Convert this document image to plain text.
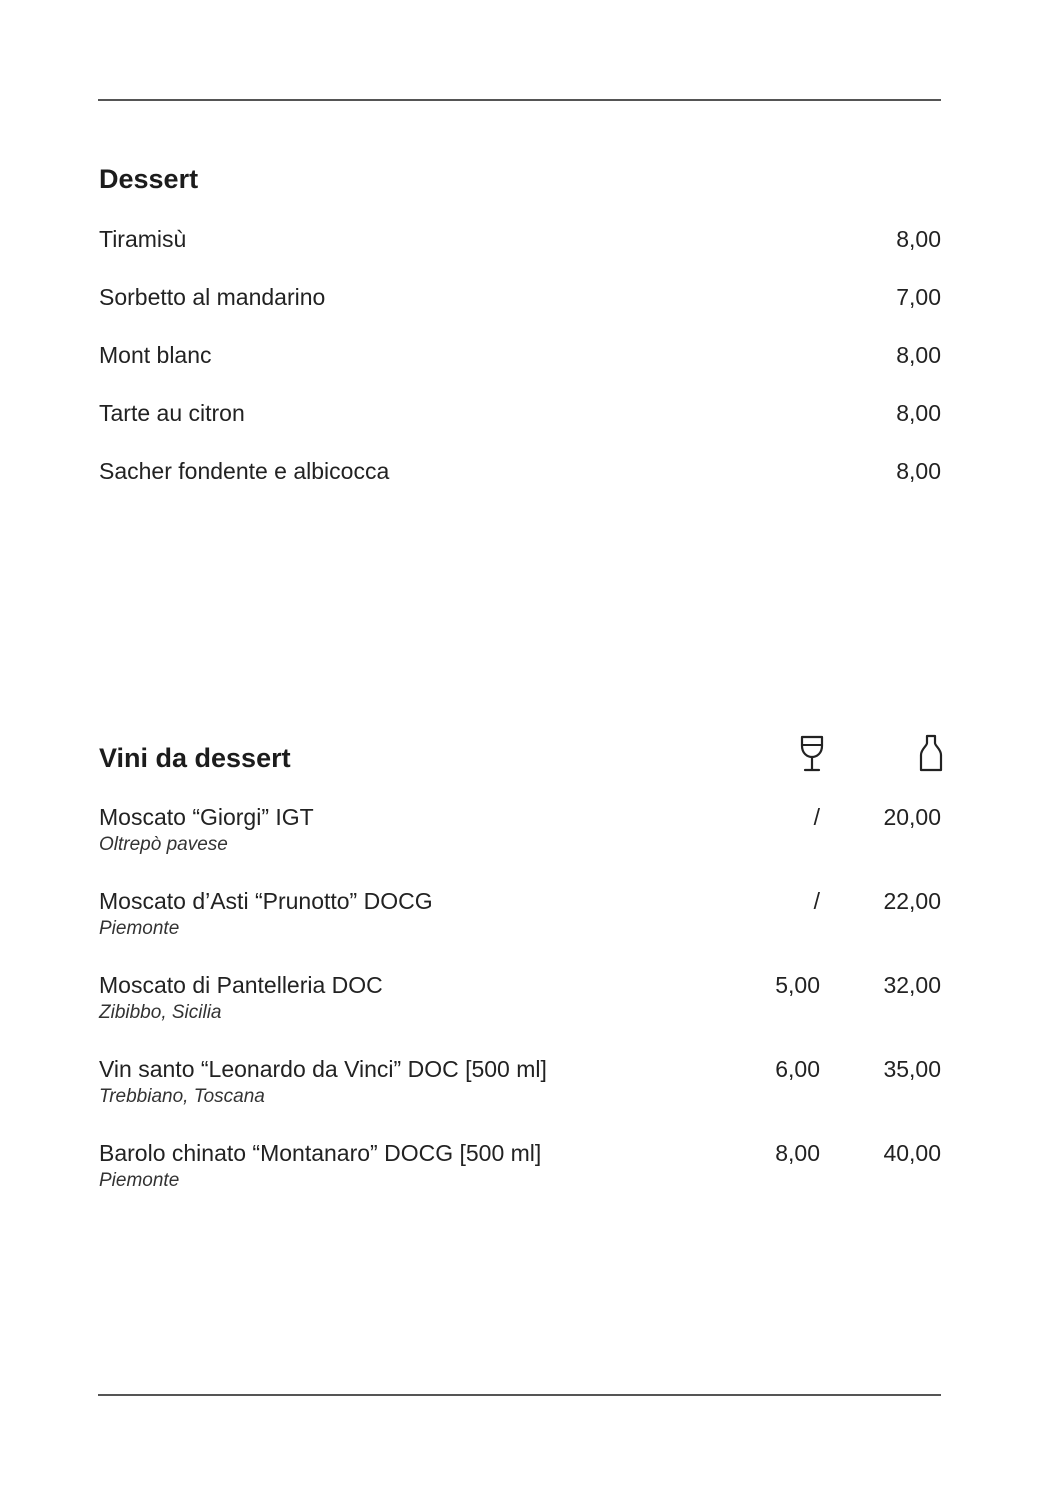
Dessert
Tiramisù	8,00
Sorbetto al mandarino	7,00
Mont blanc	8,00
Tarte au citron	8,00
Sacher fondente e albicocca	8,00
Vini da dessert
Moscato “Giorgi” IGT
Oltrepò pavese
/	20,00
Moscato d’Asti “Prunotto” DOCG
Piemonte
/	22,00
Moscato di Pantelleria DOC
Zibibbo, Sicilia
5,00	32,00
Vin santo “Leonardo da Vinci” DOC [500 ml]
Trebbiano, Toscana
6,00	35,00
Barolo chinato “Montanaro” DOCG [500 ml]
Piemonte
8,00	40,00
